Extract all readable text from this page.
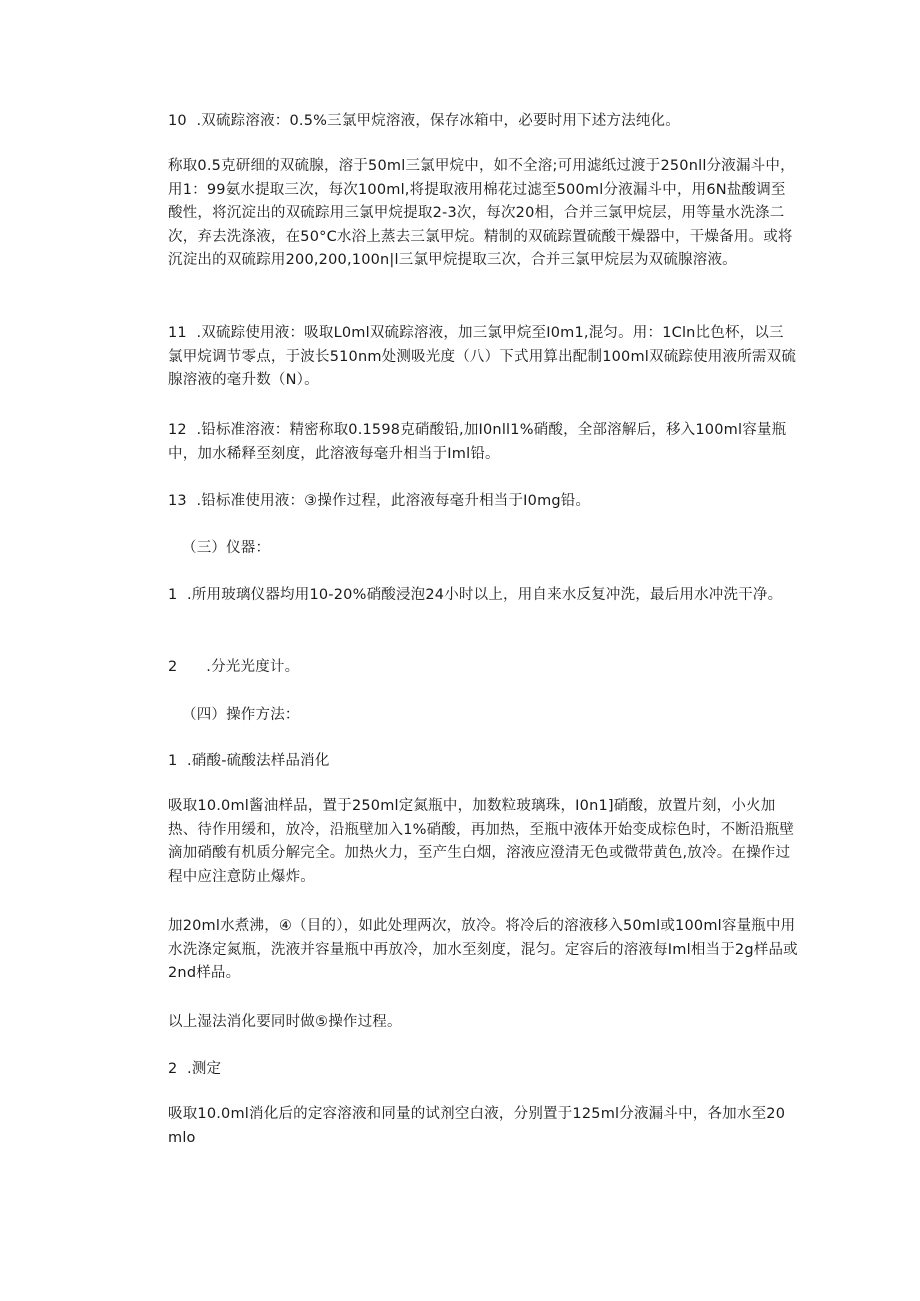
10  .双硫踪溶液：0.5%三氯甲烷溶液，保存冰箱中，必要时用下述方法纯化。

称取0.5克研细的双硫腺，溶于50ml三氯甲烷中，如不全溶;可用滤纸过渡于250nll分液漏斗中，用1：99氨水提取三次，每次100ml,将提取液用棉花过滤至500ml分液漏斗中，用6N盐酸调至酸性，将沉淀出的双硫踪用三氯甲烷提取2-3次，每次20相，合并三氯甲烷层，用等量水洗涤二次，弃去洗涤液，在50°C水浴上蒸去三氯甲烷。精制的双硫踪置硫酸干燥器中，干燥备用。或将沉淀出的双硫踪用200,200,100n|l三氯甲烷提取三次，合并三氯甲烷层为双硫腺溶液。

11  .双硫踪使用液：吸取L0ml双硫踪溶液，加三氯甲烷至I0m1,混匀。用：1Cln比色杯，以三氯甲烷调节零点，于波长510nm处测吸光度（八）下式用算出配制100ml双硫踪使用液所需双硫腺溶液的毫升数（N）。

12  .铅标准溶液：精密称取0.1598克硝酸铅,加I0nll1%硝酸，全部溶解后，移入100ml容量瓶中，加水稀释至刻度，此溶液每毫升相当于Iml铅。

13  .铅标准使用液：③操作过程，此溶液每毫升相当于I0mg铅。

（三）仪器：

1  .所用玻璃仪器均用10-20%硝酸浸泡24小时以上，用自来水反复冲洗，最后用水冲洗干净。

2      .分光光度计。

（四）操作方法：

1  .硝酸-硫酸法样品消化

吸取10.0ml酱油样品，置于250ml定氮瓶中，加数粒玻璃珠，I0n1]硝酸，放置片刻，小火加热、待作用缓和，放冷，沿瓶壁加入1%硝酸，再加热，至瓶中液体开始变成棕色时，不断沿瓶壁滴加硝酸有机质分解完全。加热火力，至产生白烟，溶液应澄清无色或微带黄色,放冷。在操作过程中应注意防止爆炸。

加20ml水煮沸，④（目的），如此处理两次，放冷。将冷后的溶液移入50ml或100ml容量瓶中用水洗涤定氮瓶，洗液并容量瓶中再放冷，加水至刻度，混匀。定容后的溶液每Iml相当于2g样品或2nd样品。

以上湿法消化要同时做⑤操作过程。

2  .测定

吸取10.0ml消化后的定容溶液和同量的试剂空白液，分别置于125ml分液漏斗中，各加水至20mlo
